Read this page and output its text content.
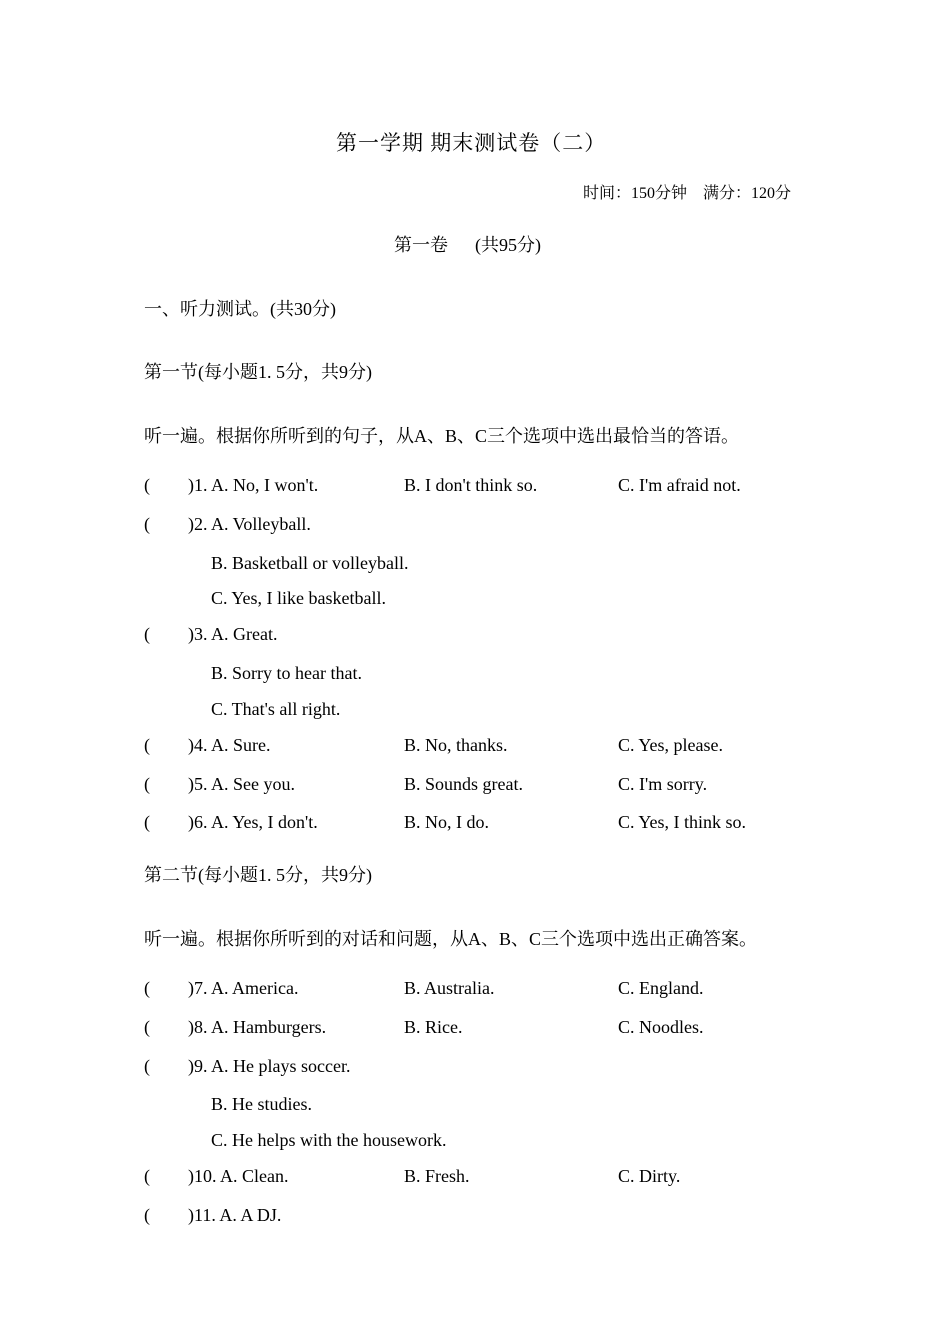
第一学期 期末测试卷（二）
时间：150分钟    满分：120分
第一卷      (共95分)
一、听力测试。(共30分)
第一节(每小题1. 5分，共9分)
听一遍。根据你所听到的句子，从A、B、C三个选项中选出最恰当的答语。
( )1. A. No, I won't.	B. I don't think so.	C. I'm afraid not.
( )2. A. Volleyball.
B. Basketball or volleyball.
C. Yes, I like basketball.
( )3. A. Great.
B. Sorry to hear that.
C. That's all right.
( )4. A. Sure.	B. No, thanks.	C. Yes, please.
( )5. A. See you.	B. Sounds great.	C. I'm sorry.
( )6. A. Yes, I don't.	B. No, I do.	C. Yes, I think so.
第二节(每小题1. 5分，共9分)
听一遍。根据你所听到的对话和问题，从A、B、C三个选项中选出正确答案。
( )7. A. America.	B. Australia.	C. England.
( )8. A. Hamburgers.	B. Rice.	C. Noodles.
( )9. A. He plays soccer.
B. He studies.
C. He helps with the housework.
( )10. A. Clean.	B. Fresh.	C. Dirty.
( )11. A. A DJ.
